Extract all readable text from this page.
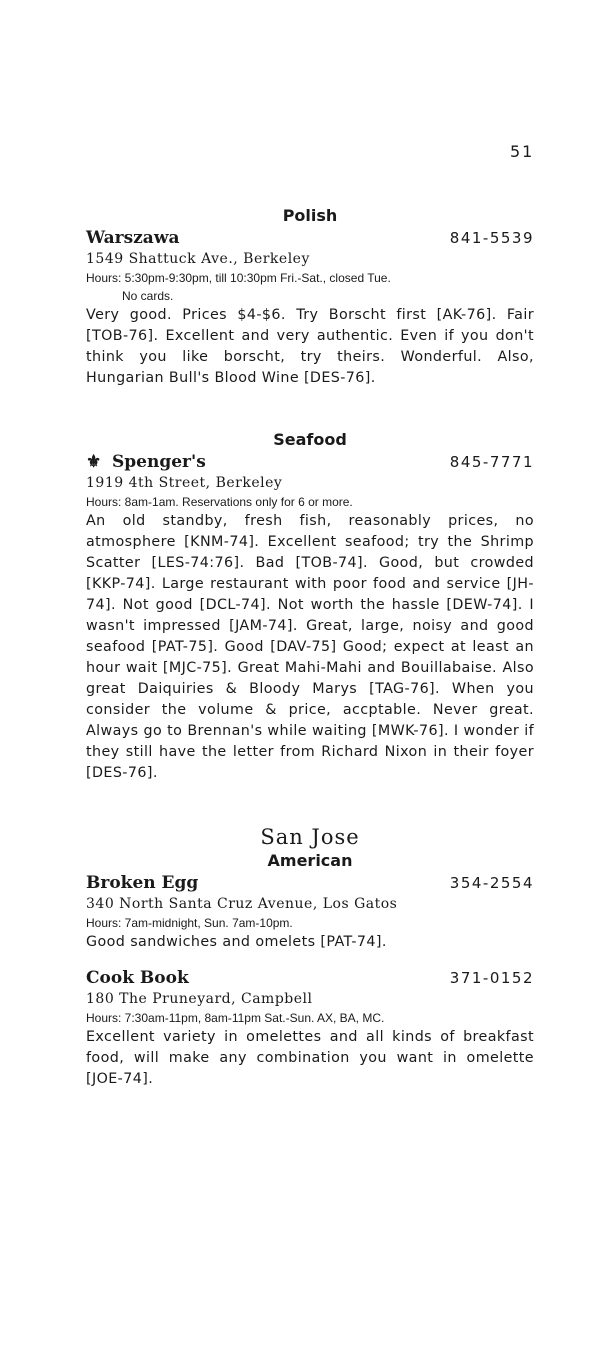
51
Polish
Warszawa	841-5539
1549 Shattuck Ave., Berkeley
Hours: 5:30pm-9:30pm, till 10:30pm Fri.-Sat., closed Tue.
No cards.

Very good. Prices $4-$6. Try Borscht first [AK-76]. Fair [TOB-76]. Excellent and very authentic. Even if you don't think you like borscht, try theirs. Wonderful. Also, Hungarian Bull's Blood Wine [DES-76].

Seafood
⚜ Spenger's	845-7771
1919 4th Street, Berkeley
Hours: 8am-1am. Reservations only for 6 or more.

An old standby, fresh fish, reasonably prices, no atmosphere [KNM-74]. Excellent seafood; try the Shrimp Scatter [LES-74:76]. Bad [TOB-74]. Good, but crowded [KKP-74]. Large restaurant with poor food and service [JH-74]. Not good [DCL-74]. Not worth the hassle [DEW-74]. I wasn't impressed [JAM-74]. Great, large, noisy and good seafood [PAT-75]. Good [DAV-75] Good; expect at least an hour wait [MJC-75]. Great Mahi-Mahi and Bouillabaise. Also great Daiquiries & Bloody Marys [TAG-76]. When you consider the volume & price, accptable. Never great. Always go to Brennan's while waiting [MWK-76]. I wonder if they still have the letter from Richard Nixon in their foyer [DES-76].

San Jose
American
Broken Egg	354-2554
340 North Santa Cruz Avenue, Los Gatos
Hours: 7am-midnight, Sun. 7am-10pm.

Good sandwiches and omelets [PAT-74].

Cook Book	371-0152
180 The Pruneyard, Campbell
Hours: 7:30am-11pm, 8am-11pm Sat.-Sun. AX, BA, MC.

Excellent variety in omelettes and all kinds of breakfast food, will make any combination you want in omelette [JOE-74].
